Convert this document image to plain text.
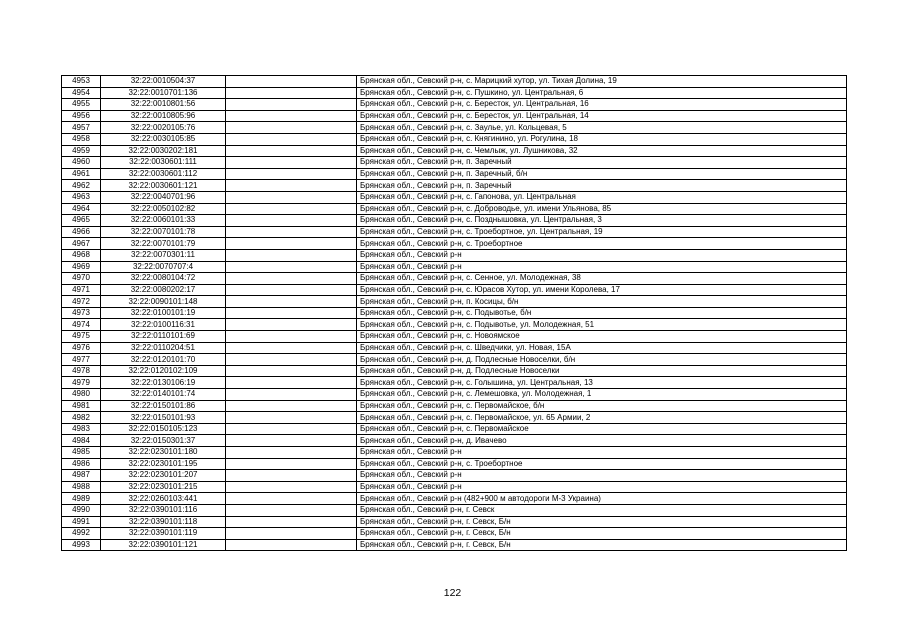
4953	32:22:0010504:37		Брянская обл., Севский р-н, с. Марицкий хутор, ул. Тихая Долина, 19
4954	32:22:0010701:136		Брянская обл., Севский р-н, с. Пушкино, ул. Центральная, 6
4955	32:22:0010801:56		Брянская обл., Севский р-н, с. Бересток, ул. Центральная, 16
4956	32:22:0010805:96		Брянская обл., Севский р-н, с. Бересток, ул. Центральная, 14
4957	32:22:0020105:76		Брянская обл., Севский р-н, с. Заулье, ул. Кольцевая, 5
4958	32:22:0030105:85		Брянская обл., Севский р-н, с. Княгинино, ул. Рогулина, 18
4959	32:22:0030202:181		Брянская обл., Севский р-н, с. Чемлыж, ул. Лушникова, 32
4960	32:22:0030601:111		Брянская обл., Севский р-н, п. Заречный
4961	32:22:0030601:112		Брянская обл., Севский р-н, п. Заречный, б/н
4962	32:22:0030601:121		Брянская обл., Севский р-н, п. Заречный
4963	32:22:0040701:96		Брянская обл., Севский р-н, с. Гапонова, ул. Центральная
4964	32:22:0050102:82		Брянская обл., Севский р-н, с. Доброводье, ул. имени Ульянова, 85
4965	32:22:0060101:33		Брянская обл., Севский р-н, с. Позднышовка, ул. Центральная, 3
4966	32:22:0070101:78		Брянская обл., Севский р-н, с. Троебортное, ул. Центральная, 19
4967	32:22:0070101:79		Брянская обл., Севский р-н, с. Троебортное
4968	32:22:0070301:11		Брянская обл., Севский р-н
4969	32:22:0070707:4		Брянская обл., Севский р-н
4970	32:22:0080104:72		Брянская обл., Севский р-н, с. Сенное, ул. Молодежная, 38
4971	32:22:0080202:17		Брянская обл., Севский р-н, с. Юрасов Хутор, ул. имени Королева, 17
4972	32:22:0090101:148		Брянская обл., Севский р-н, п. Косицы, б/н
4973	32:22:0100101:19		Брянская обл., Севский р-н, с. Подывотье, б/н
4974	32:22:0100116:31		Брянская обл., Севский р-н, с. Подывотье, ул. Молодежная, 51
4975	32:22:0110101:69		Брянская обл., Севский р-н, с. Новоямское
4976	32:22:0110204:51		Брянская обл., Севский р-н, с. Шведчики, ул. Новая, 15А
4977	32:22:0120101:70		Брянская обл., Севский р-н, д. Подлесные Новоселки, б/н
4978	32:22:0120102:109		Брянская обл., Севский р-н, д. Подлесные Новоселки
4979	32:22:0130106:19		Брянская обл., Севский р-н, с. Голышина, ул. Центральная, 13
4980	32:22:0140101:74		Брянская обл., Севский р-н, с. Лемешовка, ул. Молодежная, 1
4981	32:22:0150101:86		Брянская обл., Севский р-н, с. Первомайское, б/н
4982	32:22:0150101:93		Брянская обл., Севский р-н, с. Первомайское, ул. 65 Армии, 2
4983	32:22:0150105:123		Брянская обл., Севский р-н, с. Первомайское
4984	32:22:0150301:37		Брянская обл., Севский р-н, д. Ивачево
4985	32:22:0230101:180		Брянская обл., Севский р-н
4986	32:22:0230101:195		Брянская обл., Севский р-н, с. Троебортное
4987	32:22:0230101:207		Брянская обл., Севский р-н
4988	32:22:0230101:215		Брянская обл., Севский р-н
4989	32:22:0260103:441		Брянская обл., Севский р-н (482+900 м автодороги М-3 Украина)
4990	32:22:0390101:116		Брянская обл., Севский р-н, г. Севск
4991	32:22:0390101:118		Брянская обл., Севский р-н, г. Севск, Б/н
4992	32:22:0390101:119		Брянская обл., Севский р-н, г. Севск, Б/н
4993	32:22:0390101:121		Брянская обл., Севский р-н, г. Севск, Б/н
122
